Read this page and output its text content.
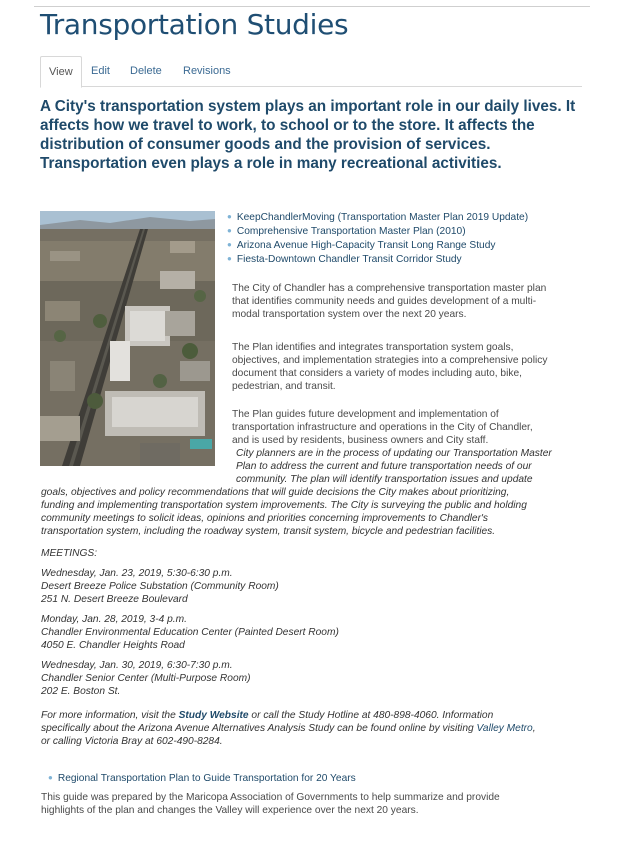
Transportation Studies
View	Edit Delete Revisions

A City's transportation system plays an important role in our daily lives. It affects how we travel to work, to school or to the store. It affects the distribution of consumer goods and the provision of services. Transportation even plays a role in many recreational activities.

● KeepChandlerMoving (Transportation Master Plan 2019 Update)
● Comprehensive Transportation Master Plan (2010)
● Arizona Avenue High-Capacity Transit Long Range Study
● Fiesta-Downtown Chandler Transit Corridor Study

The City of Chandler has a comprehensive transportation master plan

that identifies community needs and guides development of a multi-

modal transportation system over the next 20 years.

The Plan identifies and integrates transportation system goals,

objectives, and implementation strategies into a comprehensive policy

document that considers a variety of modes including auto, bike,

pedestrian, and transit.

The Plan guides future development and implementation of

transportation infrastructure and operations in the City of Chandler,

and is used by residents, business owners and City staff.

City planners are in the process of updating our Transportation Master
Plan to address the current and future transportation needs of our
community. The plan will identify transportation issues and update
goals, objectives and policy recommendations that will guide decisions the City makes about prioritizing,
funding and implementing transportation system improvements. The City is surveying the public and holding
community meetings to solicit ideas, opinions and priorities concerning improvements to Chandler's
transportation system, including the roadway system, transit system, bicycle and pedestrian facilities.
MEETINGS:
Wednesday, Jan. 23, 2019, 5:30-6:30 p.m.
Desert Breeze Police Substation (Community Room)
251 N. Desert Breeze Boulevard
Monday, Jan. 28, 2019, 3-4 p.m.
Chandler Environmental Education Center (Painted Desert Room)
4050 E. Chandler Heights Road
Wednesday, Jan. 30, 2019, 6:30-7:30 p.m.
Chandler Senior Center (Multi-Purpose Room)
202 E. Boston St.
For more information, visit the Study Website or call the Study Hotline at 480-898-4060. Information
specifically about the Arizona Avenue Alternatives Analysis Study can be found online by visiting Valley Metro,
or calling Victoria Bray at 602-490-8284.
● Regional Transportation Plan to Guide Transportation for 20 Years
This guide was prepared by the Maricopa Association of Governments to help summarize and provide
highlights of the plan and changes the Valley will experience over the next 20 years.
